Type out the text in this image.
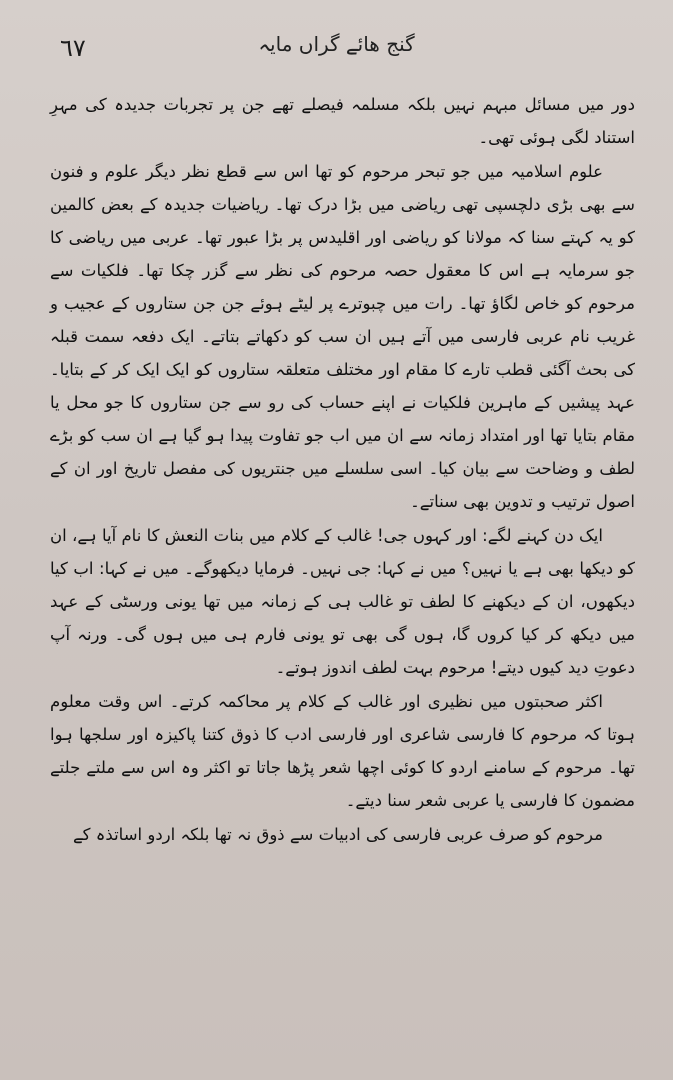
٦٧	گنج ھائے گراں مایہ

دور میں مسائل مبہم نہیں بلکہ مسلمہ فیصلے تھے جن پر تجربات جدیدہ کی مہرِ استناد لگی ہوئی تھی۔

علوم اسلامیہ میں جو تبحر مرحوم کو تھا اس سے قطع نظر دیگر علوم و فنون سے بھی بڑی دلچسپی تھی ریاضی میں بڑا درک تھا۔ ریاضیات جدیدہ کے بعض کالمین کو یہ کہتے سنا کہ مولانا کو ریاضی اور اقلیدس پر بڑا عبور تھا۔ عربی میں ریاضی کا جو سرمایہ ہے اس کا معقول حصہ مرحوم کی نظر سے گزر چکا تھا۔ فلکیات سے مرحوم کو خاص لگاؤ تھا۔ رات میں چبوترے پر لیٹے ہوئے جن جن ستاروں کے عجیب و غریب نام عربی فارسی میں آتے ہیں ان سب کو دکھاتے بتاتے۔ ایک دفعہ سمت قبلہ کی بحث آگئی قطب تارے کا مقام اور مختلف متعلقہ ستاروں کو ایک ایک کر کے بتایا۔ عہد پیشیں کے ماہرین فلکیات نے اپنے حساب کی رو سے جن ستاروں کا جو محل یا مقام بتایا تھا اور امتداد زمانہ سے ان میں اب جو تفاوت پیدا ہو گیا ہے ان سب کو بڑے لطف و وضاحت سے بیان کیا۔ اسی سلسلے میں جنتریوں کی مفصل تاریخ اور ان کے اصول ترتیب و تدوین بھی سناتے۔

ایک دن کہنے لگے: اور کہوں جی! غالب کے کلام میں بنات النعش کا نام آیا ہے، ان کو دیکھا بھی ہے یا نہیں؟ میں نے کہا: جی نہیں۔ فرمایا دیکھوگے۔ میں نے کہا: اب کیا دیکھوں، ان کے دیکھنے کا لطف تو غالب ہی کے زمانہ میں تھا یونی ورسٹی کے عہد میں دیکھ کر کیا کروں گا، ہوں گی بھی تو یونی فارم ہی میں ہوں گی۔ ورنہ آپ دعوتِ دید کیوں دیتے! مرحوم بہت لطف اندوز ہوتے۔

اکثر صحبتوں میں نظیری اور غالب کے کلام پر محاکمہ کرتے۔ اس وقت معلوم ہوتا کہ مرحوم کا فارسی شاعری اور فارسی ادب کا ذوق کتنا پاکیزہ اور سلجھا ہوا تھا۔ مرحوم کے سامنے اردو کا کوئی اچھا شعر پڑھا جاتا تو اکثر وہ اس سے ملتے جلتے مضمون کا فارسی یا عربی شعر سنا دیتے۔

مرحوم کو صرف عربی فارسی کی ادبیات سے ذوق نہ تھا بلکہ اردو اساتذہ کے
